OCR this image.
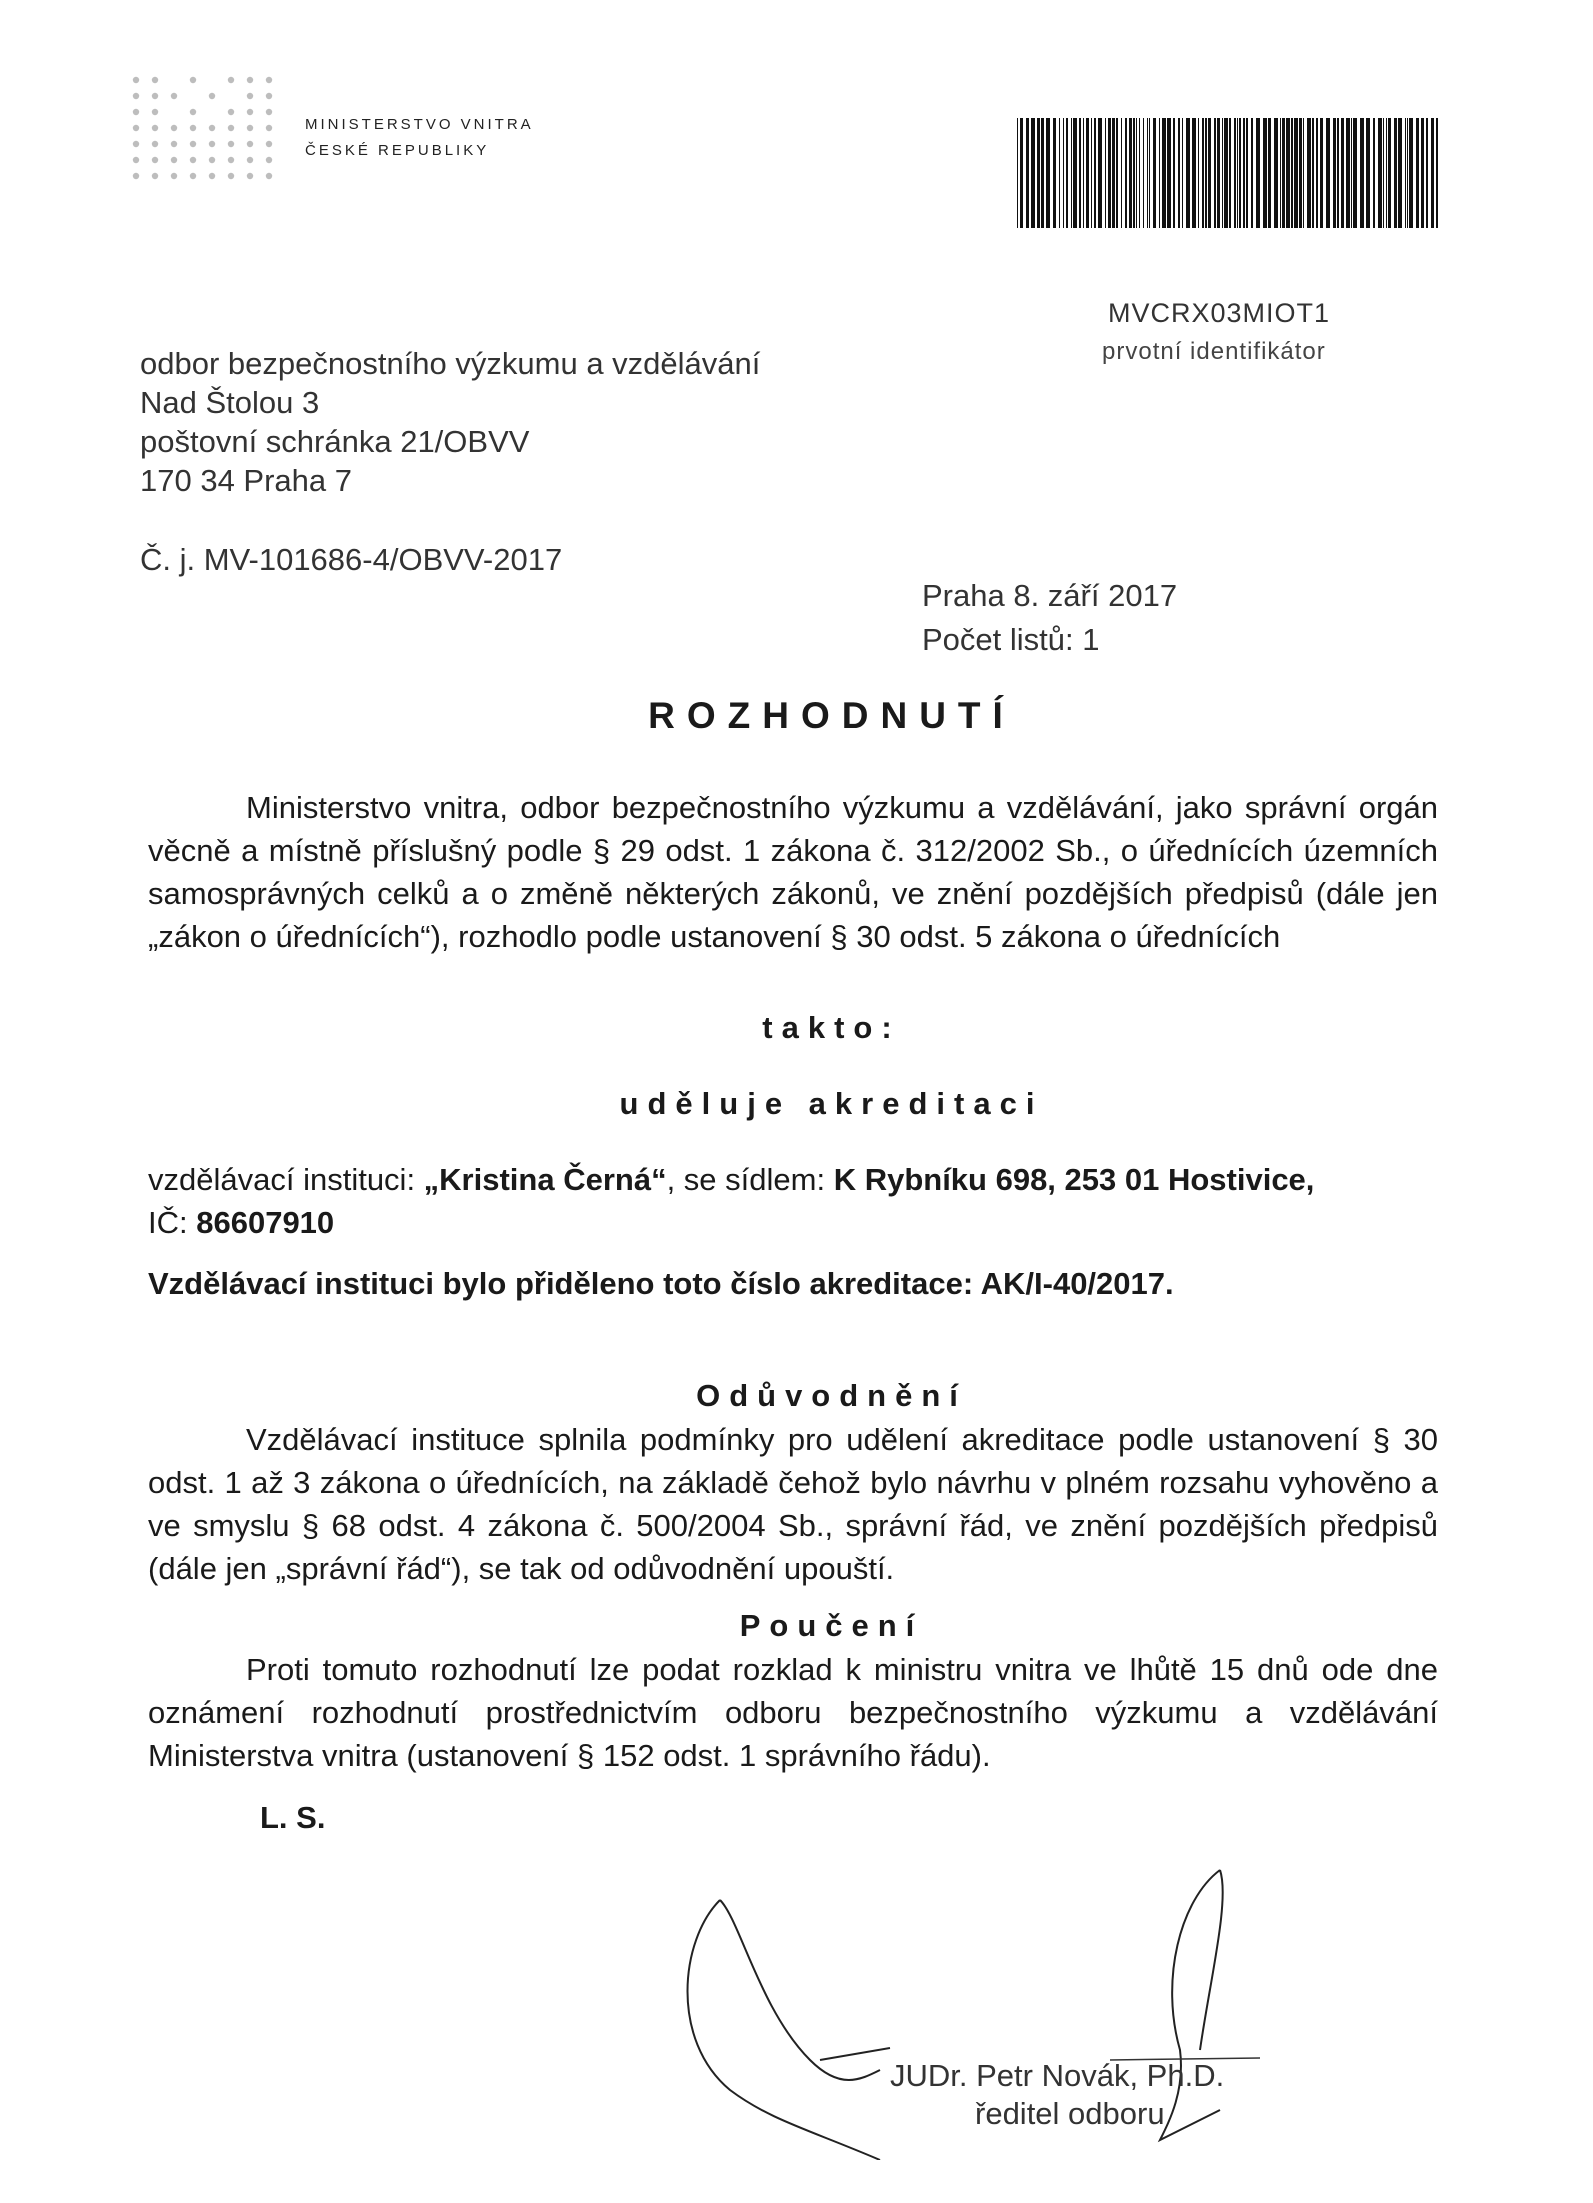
MINISTERSTVO VNITRA
ČESKÉ REPUBLIKY
MVCRX03MIOT1
prvotní identifikátor
odbor bezpečnostního výzkumu a vzdělávání
Nad Štolou 3
poštovní schránka 21/OBVV
170 34 Praha 7
Č. j. MV-101686-4/OBVV-2017
Praha 8. září 2017
Počet listů: 1
ROZHODNUTÍ
Ministerstvo vnitra, odbor bezpečnostního výzkumu a vzdělávání, jako správní orgán věcně a místně příslušný podle § 29 odst. 1 zákona č. 312/2002 Sb., o úřednících územních samosprávných celků a o změně některých zákonů, ve znění pozdějších předpisů (dále jen „zákon o úřednících“), rozhodlo podle ustanovení § 30 odst. 5 zákona o úřednících
takto:
uděluje akreditaci
vzdělávací instituci: „Kristina Černá“, se sídlem: K Rybníku 698, 253 01 Hostivice,
IČ: 86607910
Vzdělávací instituci bylo přiděleno toto číslo akreditace: AK/I-40/2017.
Odůvodnění
Vzdělávací instituce splnila podmínky pro udělení akreditace podle ustanovení § 30 odst. 1 až 3 zákona o úřednících, na základě čehož bylo návrhu v plném rozsahu vyhověno a ve smyslu § 68 odst. 4 zákona č. 500/2004 Sb., správní řád, ve znění pozdějších předpisů (dále jen „správní řád“), se tak od odůvodnění upouští.
Poučení
Proti tomuto rozhodnutí lze podat rozklad k ministru vnitra ve lhůtě 15 dnů ode dne oznámení rozhodnutí prostřednictvím odboru bezpečnostního výzkumu a vzdělávání Ministerstva vnitra (ustanovení § 152 odst. 1 správního řádu).
L. S.
JUDr. Petr Novák, Ph.D.
ředitel odboru
